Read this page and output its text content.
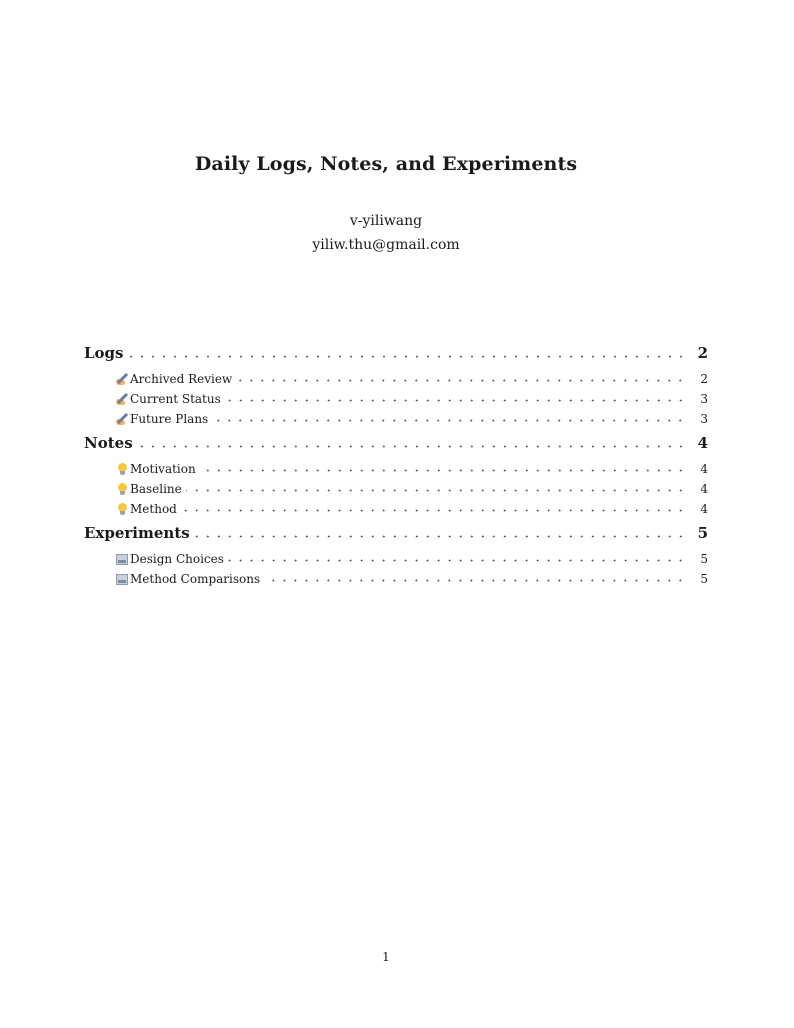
Daily Logs, Notes, and Experiments
v-yiliwang
yiliw.thu@gmail.com
Logs	2
Archived Review	2
Current Status	3
Future Plans	3
Notes	4
Motivation	4
Baseline	4
Method	4
Experiments	5
Design Choices	5
Method Comparisons	5
1
